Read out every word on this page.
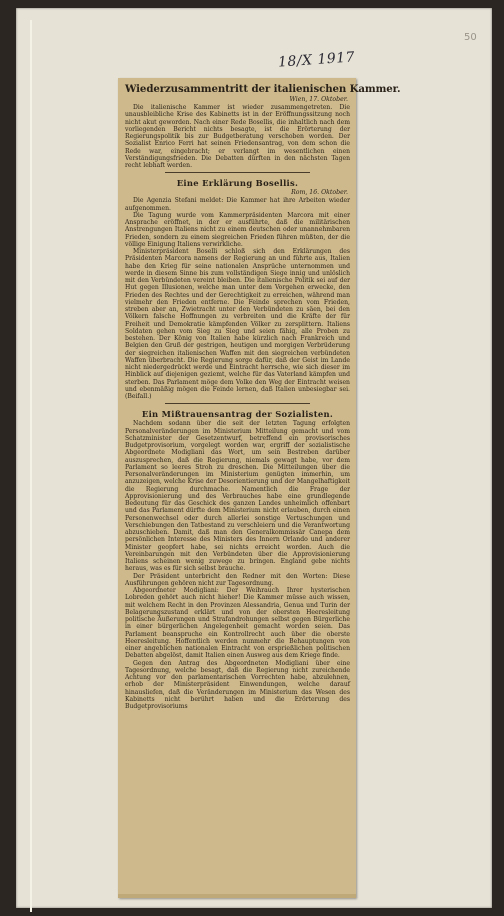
18/X 1917
50
Wiederzusammentritt der italienischen Kammer.
Wien, 17. Oktober.

Die italienische Kammer ist wieder zusammengetreten. Die unausbleibliche Krise des Kabinetts ist in der Eröffnungssitzung noch nicht akut geworden. Nach einer Rede Bosellis, die inhaltlich nach dem vorliegenden Bericht nichts besagte, ist die Erörterung der Regierungspolitik bis zur Budgetberatung verschoben worden. Der Sozialist Enrico Ferri hat seinen Friedensantrag, von dem schon die Rede war, eingebracht; er verlangt im wesentlichen einen Verständigungsfrieden. Die Debatten dürften in den nächsten Tagen recht lebhaft werden.

Eine Erklärung Bosellis.
Rom, 16. Oktober.

Die Agenzia Stefani meldet: Die Kammer hat ihre Arbeiten wieder aufgenommen.

Die Tagung wurde vom Kammerpräsidenten Marcora mit einer Ansprache eröffnet, in der er ausführte, daß die militärischen Anstrengungen Italiens nicht zu einem deutschen oder unannehmbaren Frieden, sondern zu einem siegreichen Frieden führen müßten, der die völlige Einigung Italiens verwirkliche.

Ministerpräsident Boselli schloß sich den Erklärungen des Präsidenten Marcora namens der Regierung an und führte aus, Italien habe den Krieg für seine nationalen Ansprüche unternommen und werde in diesem Sinne bis zum vollständigen Siege innig und unlöslich mit den Verbündeten vereint bleiben. Die italienische Politik sei auf der Hut gegen Illusionen, welche man unter dem Vorgehen erwecke, den Frieden des Rechtes und der Gerechtigkeit zu erreichen, während man vielmehr den Frieden entferne. Die Feinde sprechen vom Frieden, streben aber an, Zwietracht unter den Verbündeten zu säen, bei den Völkern falsche Hoffnungen zu verbreiten und die Kräfte der für Freiheit und Demokratie kämpfenden Völker zu zersplittern. Italiens Soldaten gehen vom Sieg zu Sieg und seien fähig, alle Proben zu bestehen. Der König von Italien habe kürzlich nach Frankreich und Belgien den Gruß der gestrigen, heutigen und morgigen Verbrüderung der siegreichen italienischen Waffen mit den siegreichen verbündeten Waffen überbracht. Die Regierung sorge dafür, daß der Geist im Lande nicht niedergedrückt werde und Eintracht herrsche, wie sich dieser im Hinblick auf diejenigen geziemt, welche für das Vaterland kämpfen und sterben. Das Parlament möge dem Volke den Weg der Eintracht weisen und ebenmäßig mögen die Feinde lernen, daß Italien unbesiegbar sei. (Beifall.)

Ein Mißtrauensantrag der Sozialisten.

Nachdem sodann über die seit der letzten Tagung erfolgten Personalveränderungen im Ministerium Mitteilung gemacht und vom Schatzminister der Gesetzentwurf, betreffend ein provisorisches Budgetprovisorium, vorgelegt worden war, ergriff der sozialistische Abgeordnete Modigliani das Wort, um sein Bestreben darüber auszusprechen, daß die Regierung, niemals gewagt habe, vor dem Parlament so leeres Stroh zu dreschen. Die Mitteilungen über die Personalveränderungen im Ministerium genügten immerhin, um anzuzeigen, welche Krise der Desorientierung und der Mangelhaftigkeit die Regierung durchmache. Namentlich die Frage der Approvisionierung und des Verbrauches habe eine grundlegende Bedeutung für das Geschick des ganzen Landes unheimlich offenbart und das Parlament dürfte dem Ministerium nicht erlauben, durch einen Personenwechsel oder durch allerlei sonstige Vertuschungen und Verschiebungen den Tatbestand zu verschleiern und die Verantwortung abzuschieben. Damit, daß man den Generalkommissär Canepa dem persönlichen Interesse des Ministers des Innern Orlando und anderer Minister geopfert habe, sei nichts erreicht worden. Auch die Vereinbarungen mit den Verbündeten über die Approvisionierung Italiens scheinen wenig zuwege zu bringen. England gebe nichts heraus, was es für sich selbst brauche.

Der Präsident unterbricht den Redner mit den Worten: Diese Ausführungen gehören nicht zur Tagesordnung.

Abgeordneter Modigliani: Der Weihrauch Ihrer hysterischen Lobreden gehört auch nicht hieher! Die Kammer müsse auch wissen, mit welchem Recht in den Provinzen Alessandria, Genua und Turin der Belagerungszustand erklärt und von der obersten Heeresleitung politische Äußerungen und Strafandrohungen selbst gegen Bürgerliche in einer bürgerlichen Angelegenheit gemacht worden seien. Das Parlament beanspruche ein Kontrollrecht auch über die oberste Heeresleitung. Hoffentlich werden nunmehr die Behauptungen von einer angeblichen nationalen Eintracht von ersprießlichen politischen Debatten abgelöst, damit Italien einen Ausweg aus dem Kriege finde.

Gegen den Antrag des Abgeordneten Modigliani über eine Tagesordnung, welche besagt, daß die Regierung nicht zureichende Achtung vor den parlamentarischen Vorrechten habe, abzulehnen, erhob der Ministerpräsident Einwendungen, welche darauf hinausliefen, daß die Veränderungen im Ministerium das Wesen des Kabinetts nicht berührt haben und die Erörterung des Budgetprovisoriums
